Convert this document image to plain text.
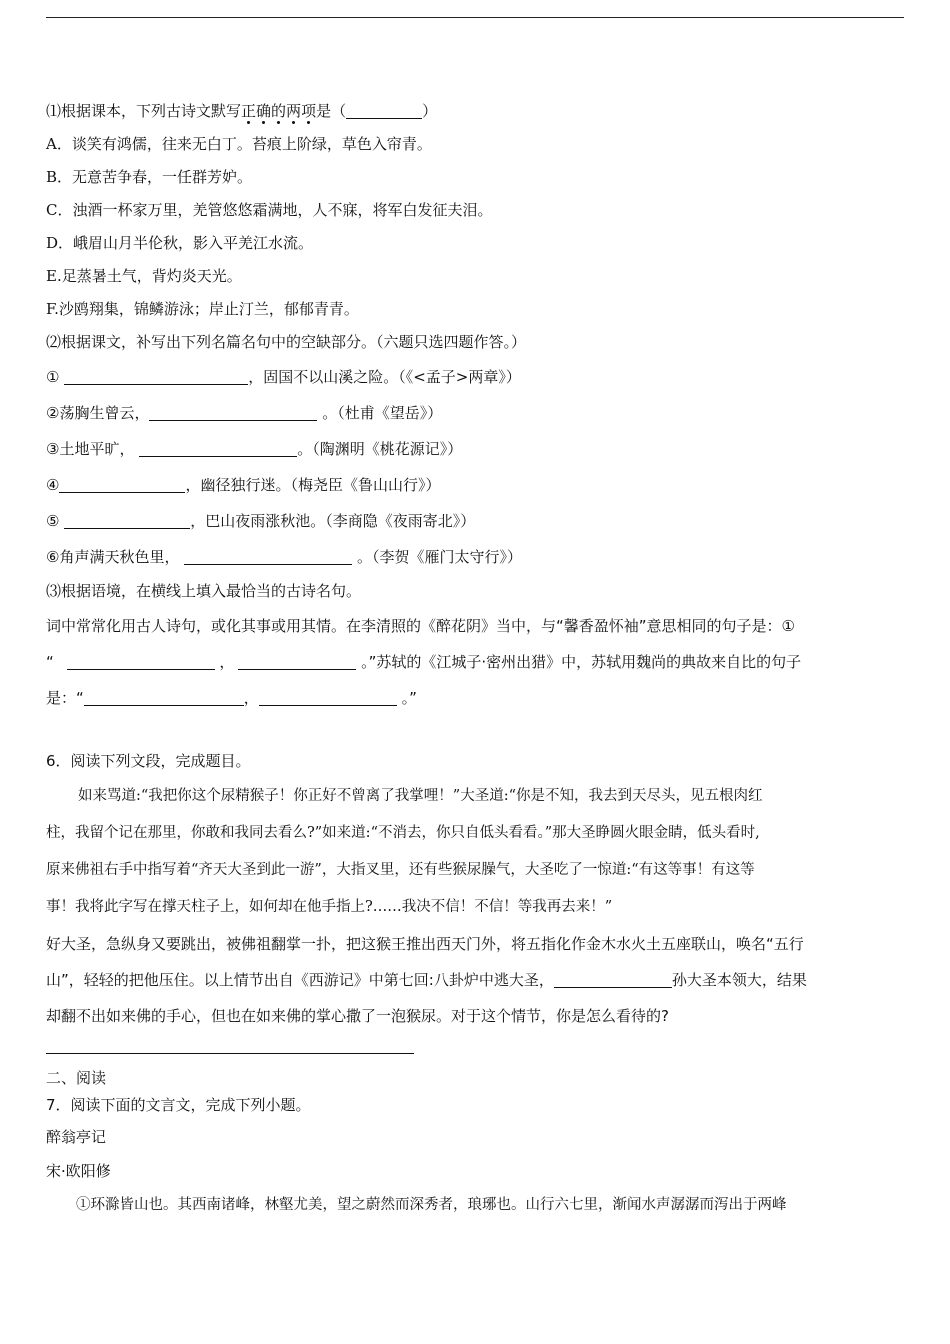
⑴根据课本，下列古诗文默写正确的两项是（	）
A．谈笑有鸿儒，往来无白丁。苔痕上阶绿，草色入帘青。
B．无意苦争春，一任群芳妒。
C．浊酒一杯家万里，羌管悠悠霜满地，人不寐，将军白发征夫泪。
D．峨眉山月半伦秋，影入平羌江水流。
E.足蒸暑土气，背灼炎天光。
F.沙鸥翔集，锦鳞游泳；岸止汀兰，郁郁青青。
⑵根据课文，补写出下列名篇名句中的空缺部分。（六题只选四题作答。）
①	，固国不以山溪之险。（《<孟子>两章》）
②荡胸生曾云，	。（杜甫《望岳》）
③土地平旷，	。（陶渊明《桃花源记》）
④	，幽径独行迷。（梅尧臣《鲁山山行》）
⑤	，巴山夜雨涨秋池。（李商隐《夜雨寄北》）
⑥角声满天秋色里，	。（李贺《雁门太守行》）
⑶根据语境，在横线上填入最恰当的古诗名句。
词中常常化用古人诗句，或化其事或用其情。在李清照的《醉花阴》当中，与“馨香盈怀袖”意思相同的句子是：①
“	，	。”苏轼的《江城子·密州出猎》中，苏轼用魏尚的典故来自比的句子
是：“	，	。”
6．阅读下列文段，完成题目。
如来骂道:“我把你这个尿精猴子！你正好不曾离了我掌哩！”大圣道:“你是不知，我去到天尽头，见五根肉红
柱，我留个记在那里，你敢和我同去看么?”如来道:“不消去，你只自低头看看。”那大圣睁圆火眼金睛，低头看时,
原来佛祖右手中指写着“齐天大圣到此一游”，大指叉里，还有些猴尿臊气，大圣吃了一惊道:“有这等事！有这等
事！我将此字写在撑天柱子上，如何却在他手指上?……我决不信！不信！等我再去来！”
好大圣，急纵身又要跳出，被佛祖翻掌一扑，把这猴王推出西天门外，将五指化作金木水火土五座联山，唤名“五行
山”，轻轻的把他压住。以上情节出自《西游记》中第七回:八卦炉中逃大圣，	孙大圣本领大，结果
却翻不出如来佛的手心，但也在如来佛的掌心撒了一泡猴尿。对于这个情节，你是怎么看待的?
二、阅读
7．阅读下面的文言文，完成下列小题。
醉翁亭记
宋·欧阳修
①环滁皆山也。其西南诸峰，林壑尤美，望之蔚然而深秀者，琅琊也。山行六七里，渐闻水声潺潺而泻出于两峰
